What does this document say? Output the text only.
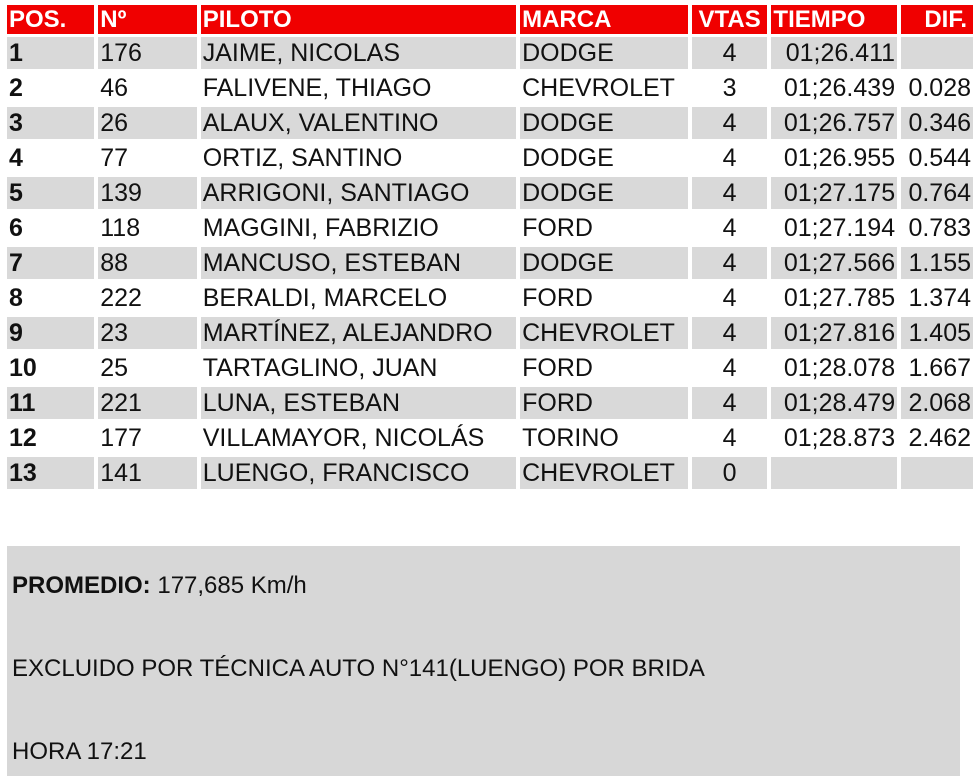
POS.	Nº	PILOTO	MARCA	VTAS	TIEMPO	DIF.
1	176	JAIME, NICOLAS	DODGE	4	01;26.411	
2	46	FALIVENE, THIAGO	CHEVROLET	3	01;26.439	0.028
3	26	ALAUX, VALENTINO	DODGE	4	01;26.757	0.346
4	77	ORTIZ, SANTINO	DODGE	4	01;26.955	0.544
5	139	ARRIGONI, SANTIAGO	DODGE	4	01;27.175	0.764
6	118	MAGGINI, FABRIZIO	FORD	4	01;27.194	0.783
7	88	MANCUSO, ESTEBAN	DODGE	4	01;27.566	1.155
8	222	BERALDI, MARCELO	FORD	4	01;27.785	1.374
9	23	MARTÍNEZ, ALEJANDRO	CHEVROLET	4	01;27.816	1.405
10	25	TARTAGLINO, JUAN	FORD	4	01;28.078	1.667
11	221	LUNA, ESTEBAN	FORD	4	01;28.479	2.068
12	177	VILLAMAYOR, NICOLÁS	TORINO	4	01;28.873	2.462
13	141	LUENGO, FRANCISCO	CHEVROLET	0		
PROMEDIO: 177,685 Km/h
EXCLUIDO POR TÉCNICA AUTO N°141(LUENGO) POR BRIDA
HORA 17:21
